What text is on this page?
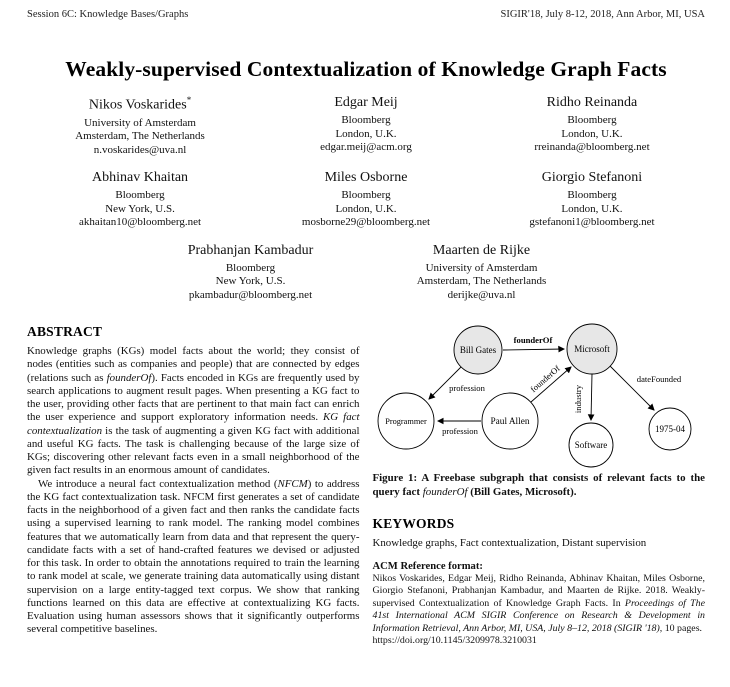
Session 6C: Knowledge Bases/Graphs	SIGIR'18, July 8-12, 2018, Ann Arbor, MI, USA
Weakly-supervised Contextualization of Knowledge Graph Facts
Nikos Voskarides*
University of Amsterdam
Amsterdam, The Netherlands
n.voskarides@uva.nl
Edgar Meij
Bloomberg
London, U.K.
edgar.meij@acm.org
Ridho Reinanda
Bloomberg
London, U.K.
rreinanda@bloomberg.net
Abhinav Khaitan
Bloomberg
New York, U.S.
akhaitan10@bloomberg.net
Miles Osborne
Bloomberg
London, U.K.
mosborne29@bloomberg.net
Giorgio Stefanoni
Bloomberg
London, U.K.
gstefanoni1@bloomberg.net
Prabhanjan Kambadur
Bloomberg
New York, U.S.
pkambadur@bloomberg.net
Maarten de Rijke
University of Amsterdam
Amsterdam, The Netherlands
derijke@uva.nl
ABSTRACT

Knowledge graphs (KGs) model facts about the world; they consist of nodes (entities such as companies and people) that are connected by edges (relations such as founderOf). Facts encoded in KGs are frequently used by search applications to augment result pages. When presenting a KG fact to the user, providing other facts that are pertinent to that main fact can enrich the user experience and support exploratory information needs. KG fact contextualization is the task of augmenting a given KG fact with additional and useful KG facts. The task is challenging because of the large size of KGs; discovering other relevant facts even in a small neighborhood of the given fact results in an enormous amount of candidates.

We introduce a neural fact contextualization method (NFCM) to address the KG fact contextualization task. NFCM first generates a set of candidate facts in the neighborhood of a given fact and then ranks the candidate facts using a supervised learning to rank model. The ranking model combines features that we automatically learn from data and that represent the query-candidate facts with a set of hand-crafted features we devised or adjusted for this task. In order to obtain the annotations required to train the learning to rank model at scale, we generate training data automatically using distant supervision on a large entity-tagged text corpus. We show that ranking functions learned on this data are effective at contextualizing KG facts. Evaluation using human assessors shows that it significantly outperforms several competitive baselines.

founderOf
profession
profession
founderOf
industry
dateFounded
Bill Gates	Microsoft
Programmer	Paul Allen
Software
1975-04
Figure 1: A Freebase subgraph that consists of relevant facts to the query fact founderOf (Bill Gates, Microsoft).
KEYWORDS

Knowledge graphs, Fact contextualization, Distant supervision

ACM Reference format:

Nikos Voskarides, Edgar Meij, Ridho Reinanda, Abhinav Khaitan, Miles Osborne, Giorgio Stefanoni, Prabhanjan Kambadur, and Maarten de Rijke. 2018. Weakly-supervised Contextualization of Knowledge Graph Facts. In Proceedings of The 41st International ACM SIGIR Conference on Research & Development in Information Retrieval, Ann Arbor, MI, USA, July 8–12, 2018 (SIGIR '18), 10 pages.

https://doi.org/10.1145/3209978.3210031
